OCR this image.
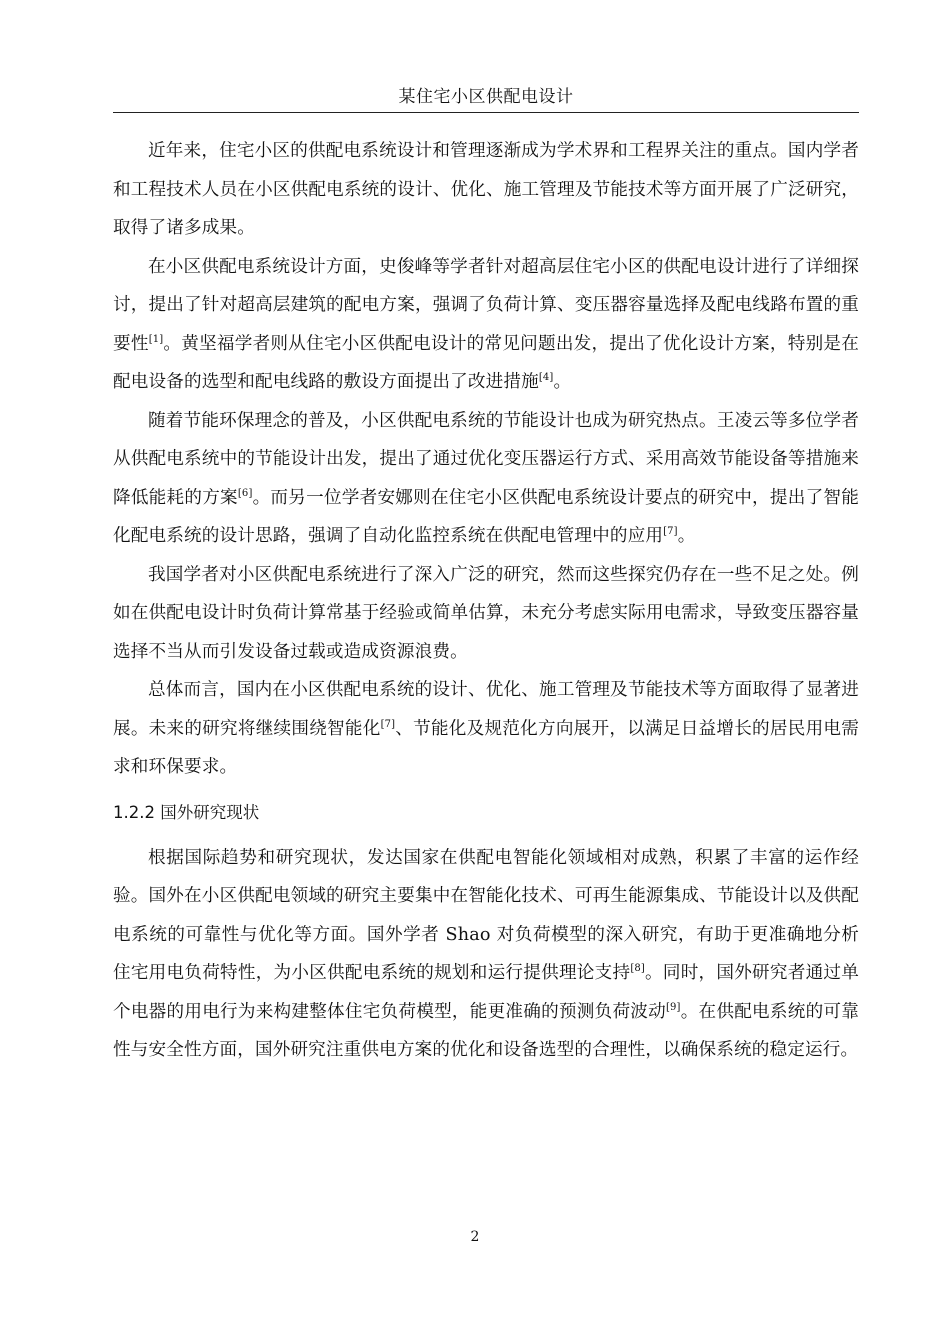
某住宅小区供配电设计

近年来，住宅小区的供配电系统设计和管理逐渐成为学术界和工程界关注的重点。国内学者和工程技术人员在小区供配电系统的设计、优化、施工管理及节能技术等方面开展了广泛研究，取得了诸多成果。

在小区供配电系统设计方面，史俊峰等学者针对超高层住宅小区的供配电设计进行了详细探讨，提出了针对超高层建筑的配电方案，强调了负荷计算、变压器容量选择及配电线路布置的重要性[1]。黄坚福学者则从住宅小区供配电设计的常见问题出发，提出了优化设计方案，特别是在配电设备的选型和配电线路的敷设方面提出了改进措施[4]。

随着节能环保理念的普及，小区供配电系统的节能设计也成为研究热点。王凌云等多位学者从供配电系统中的节能设计出发，提出了通过优化变压器运行方式、采用高效节能设备等措施来降低能耗的方案[6]。而另一位学者安娜则在住宅小区供配电系统设计要点的研究中，提出了智能化配电系统的设计思路，强调了自动化监控系统在供配电管理中的应用[7]。

我国学者对小区供配电系统进行了深入广泛的研究，然而这些探究仍存在一些不足之处。例如在供配电设计时负荷计算常基于经验或简单估算，未充分考虑实际用电需求，导致变压器容量选择不当从而引发设备过载或造成资源浪费。

总体而言，国内在小区供配电系统的设计、优化、施工管理及节能技术等方面取得了显著进展。未来的研究将继续围绕智能化[7]、节能化及规范化方向展开，以满足日益增长的居民用电需求和环保要求。

1.2.2 国外研究现状

根据国际趋势和研究现状，发达国家在供配电智能化领域相对成熟，积累了丰富的运作经验。国外在小区供配电领域的研究主要集中在智能化技术、可再生能源集成、节能设计以及供配电系统的可靠性与优化等方面。国外学者 Shao 对负荷模型的深入研究，有助于更准确地分析住宅用电负荷特性，为小区供配电系统的规划和运行提供理论支持[8]。同时，国外研究者通过单个电器的用电行为来构建整体住宅负荷模型，能更准确的预测负荷波动[9]。在供配电系统的可靠性与安全性方面，国外研究注重供电方案的优化和设备选型的合理性，以确保系统的稳定运行。

2
